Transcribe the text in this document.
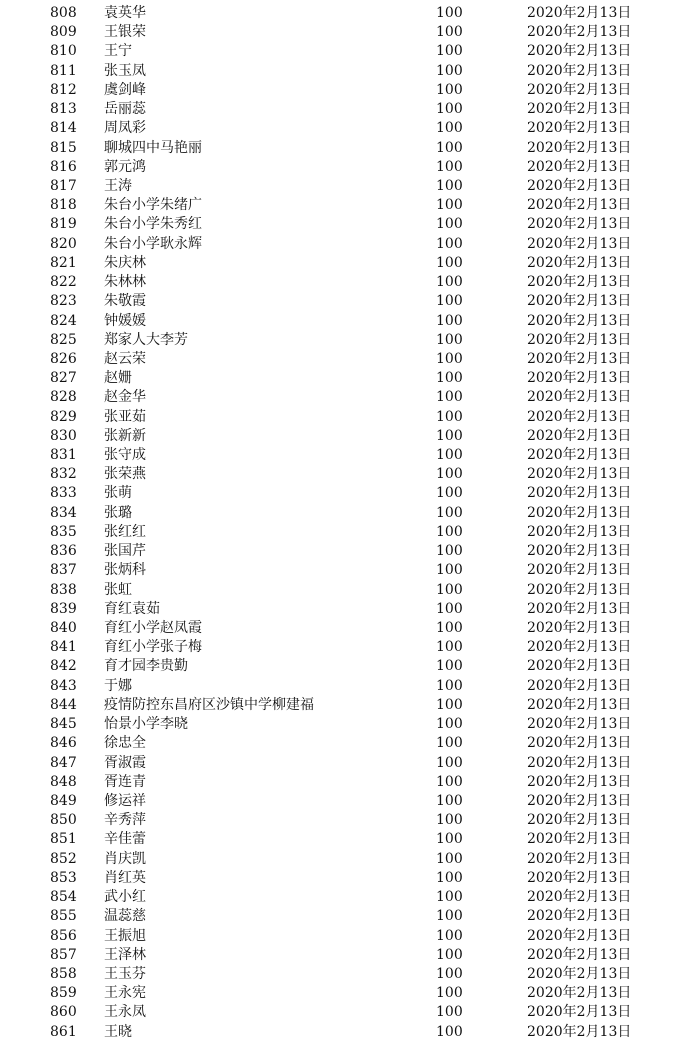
808 袁英华	100	2020年2月13日
809 王银荣	100	2020年2月13日
810 王宁	100	2020年2月13日
811 张玉凤	100	2020年2月13日
812 虞剑峰	100	2020年2月13日
813 岳丽蕊	100	2020年2月13日
814 周凤彩	100	2020年2月13日
815 聊城四中马艳丽	100	2020年2月13日
816 郭元鸿	100	2020年2月13日
817 王涛	100	2020年2月13日
818 朱台小学朱绪广	100	2020年2月13日
819 朱台小学朱秀红	100	2020年2月13日
820 朱台小学耿永辉	100	2020年2月13日
821 朱庆林	100	2020年2月13日
822 朱林林	100	2020年2月13日
823 朱敬霞	100	2020年2月13日
824 钟媛媛	100	2020年2月13日
825 郑家人大李芳	100	2020年2月13日
826 赵云荣	100	2020年2月13日
827 赵姗	100	2020年2月13日
828 赵金华	100	2020年2月13日
829 张亚茹	100	2020年2月13日
830 张新新	100	2020年2月13日
831 张守成	100	2020年2月13日
832 张荣燕	100	2020年2月13日
833 张萌	100	2020年2月13日
834 张璐	100	2020年2月13日
835 张红红	100	2020年2月13日
836 张国芹	100	2020年2月13日
837 张炳科	100	2020年2月13日
838 张虹	100	2020年2月13日
839 育红袁茹	100	2020年2月13日
840 育红小学赵凤霞	100	2020年2月13日
841 育红小学张子梅	100	2020年2月13日
842 育才园李贵勤	100	2020年2月13日
843 于娜	100	2020年2月13日
844 疫情防控东昌府区沙镇中学柳建福	100	2020年2月13日
845 怡景小学李晓	100	2020年2月13日
846 徐忠全	100	2020年2月13日
847 胥淑霞	100	2020年2月13日
848 胥连青	100	2020年2月13日
849 修运祥	100	2020年2月13日
850 辛秀萍	100	2020年2月13日
851 辛佳蕾	100	2020年2月13日
852 肖庆凯	100	2020年2月13日
853 肖红英	100	2020年2月13日
854 武小红	100	2020年2月13日
855 温蕊慈	100	2020年2月13日
856 王振旭	100	2020年2月13日
857 王泽林	100	2020年2月13日
858 王玉芬	100	2020年2月13日
859 王永宪	100	2020年2月13日
860 王永凤	100	2020年2月13日
861 王晓	100	2020年2月13日
